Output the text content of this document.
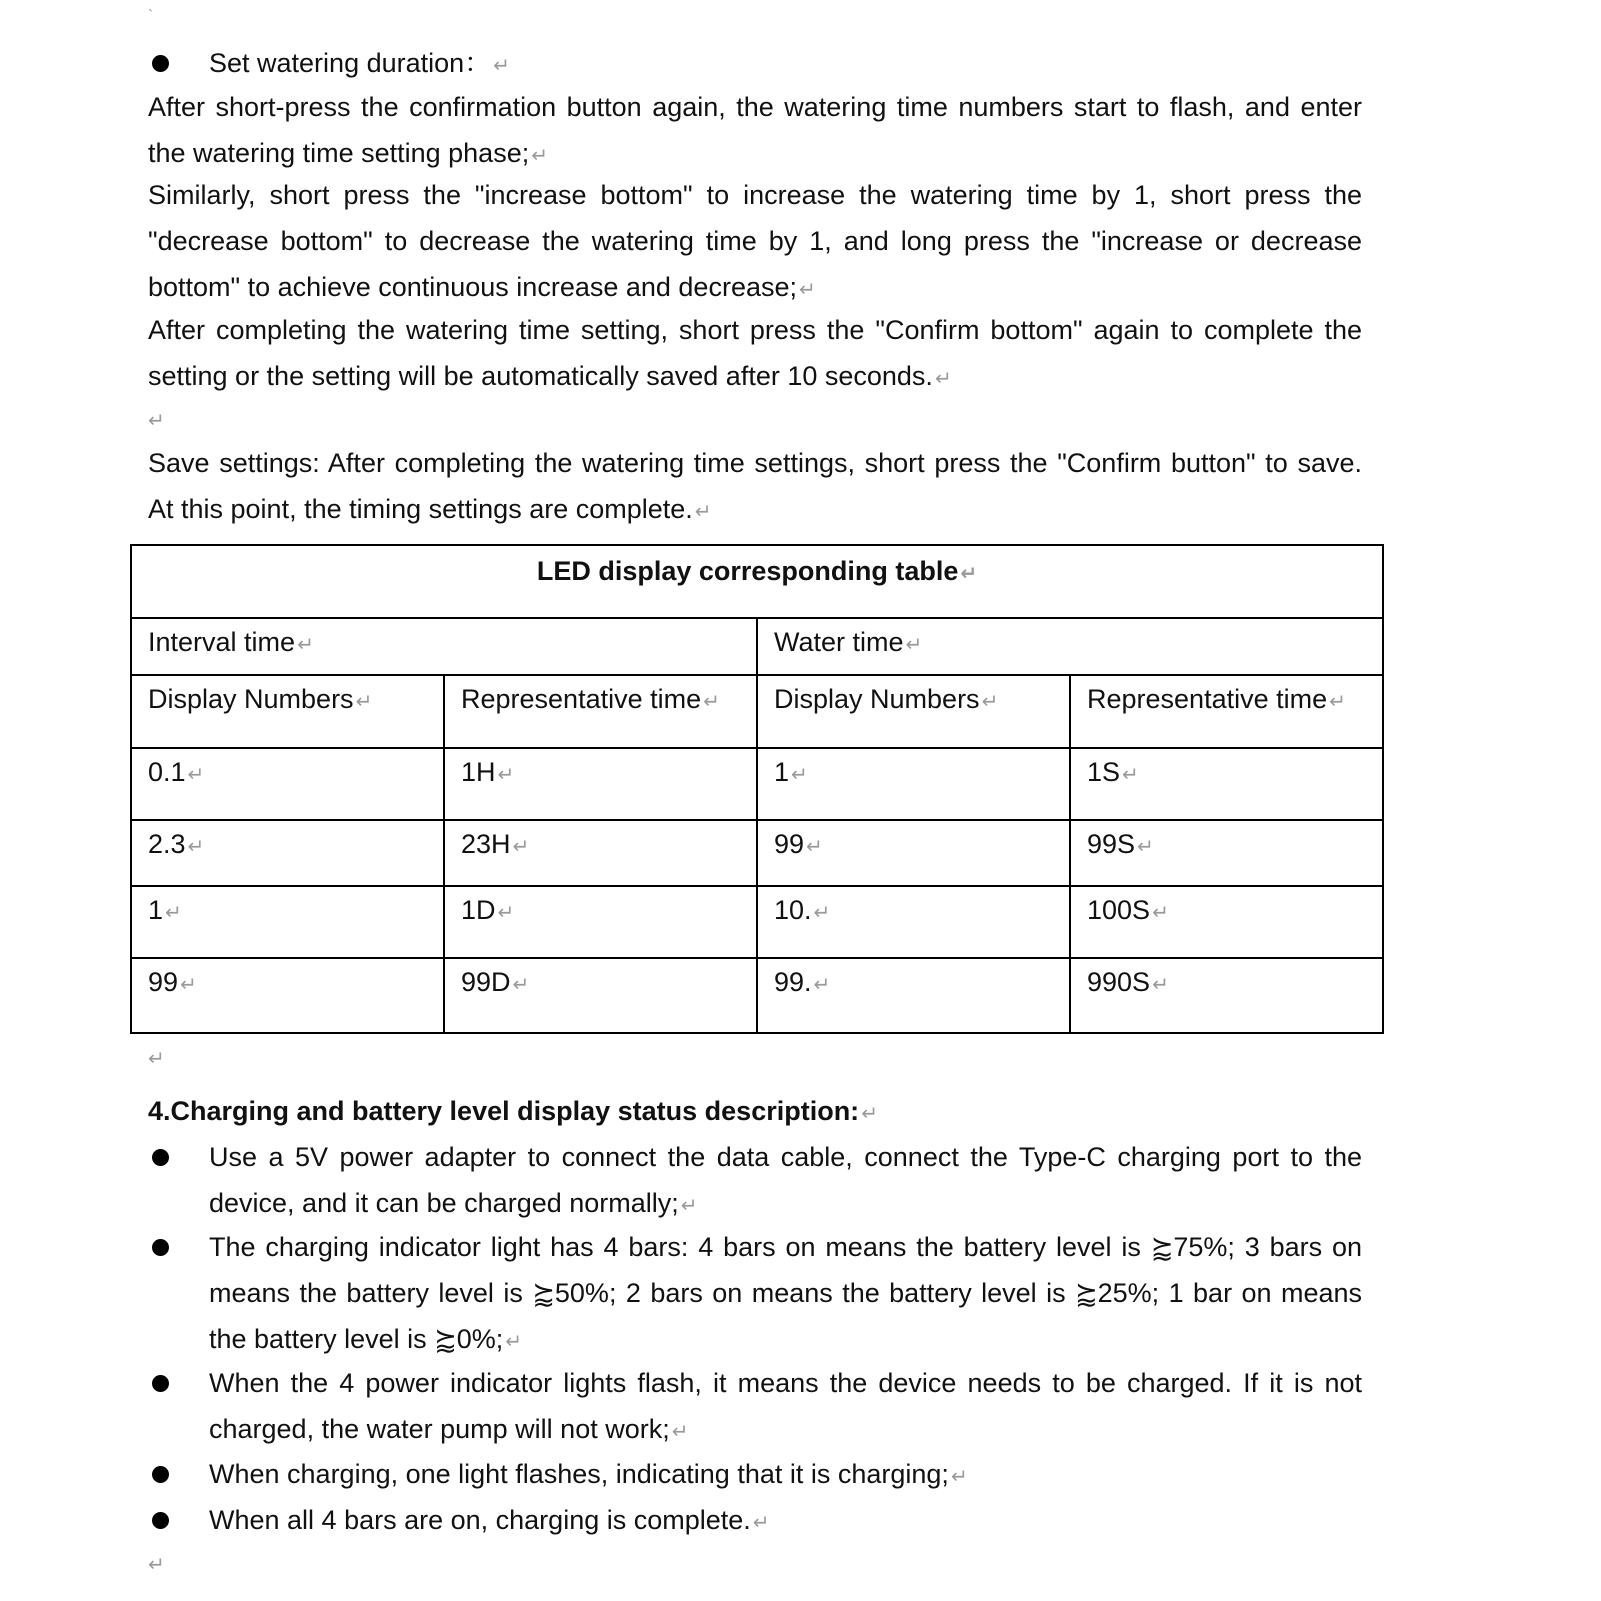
`
Set watering duration： ↵
After short-press the confirmation button again, the watering time numbers start to flash, and enter the watering time setting phase; ↵
Similarly, short press the "increase bottom" to increase the watering time by 1, short press the "decrease bottom" to decrease the watering time by 1, and long press the "increase or decrease bottom" to achieve continuous increase and decrease; ↵
After completing the watering time setting, short press the "Confirm bottom" again to complete the setting or the setting will be automatically saved after 10 seconds. ↵
↵
Save settings: After completing the watering time settings, short press the "Confirm button" to save. At this point, the timing settings are complete. ↵
LED display corresponding table ↵			
Interval time ↵		Water time ↵	
Display Numbers ↵	Representative time ↵	Display Numbers ↵	Representative time ↵
0.1 ↵	1H ↵	1 ↵	1S ↵
2.3 ↵	23H ↵	99 ↵	99S ↵
1 ↵	1D ↵	10. ↵	100S ↵
99 ↵	99D ↵	99. ↵	990S ↵
↵
4.Charging and battery level display status description: ↵
Use a 5V power adapter to connect the data cable, connect the Type-C charging port to the device, and it can be charged normally; ↵
The charging indicator light has 4 bars: 4 bars on means the battery level is ⪸75%; 3 bars on means the battery level is ⪸50%; 2 bars on means the battery level is ⪸25%; 1 bar on means the battery level is ⪸0%; ↵
When the 4 power indicator lights flash, it means the device needs to be charged. If it is not charged, the water pump will not work; ↵
When charging, one light flashes, indicating that it is charging; ↵
When all 4 bars are on, charging is complete. ↵
↵
